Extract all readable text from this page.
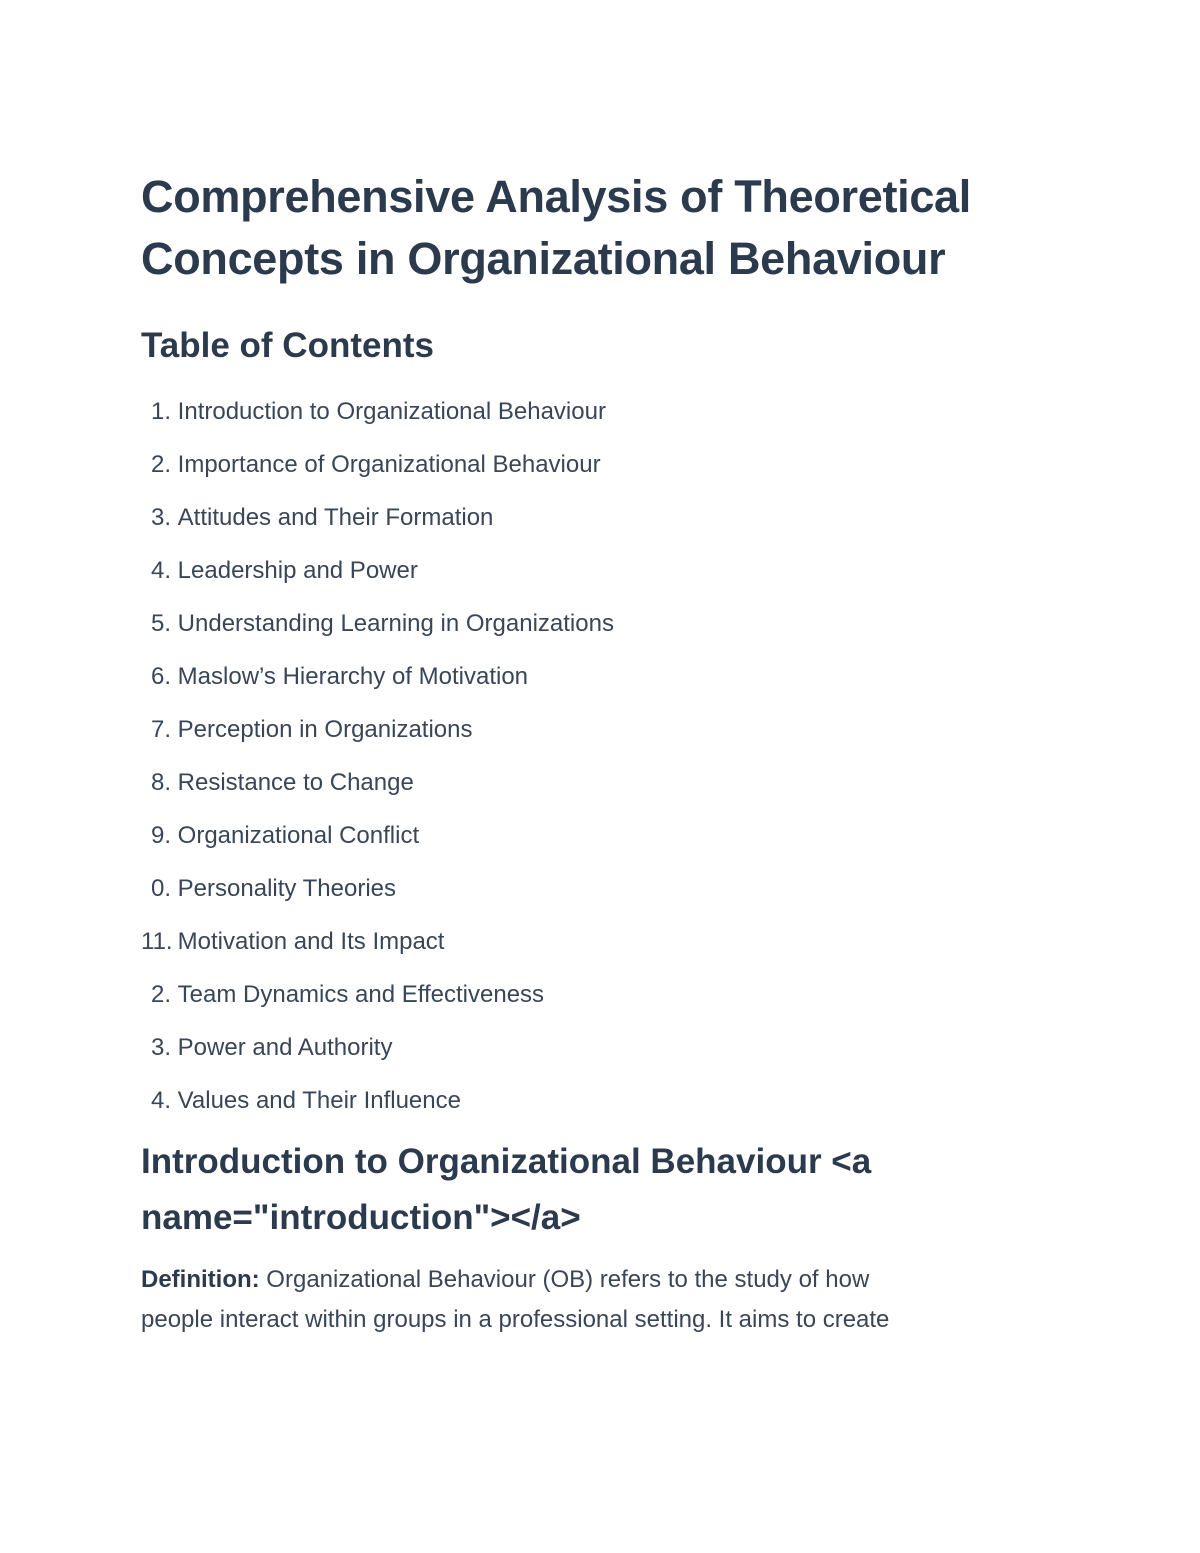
Comprehensive Analysis of Theoretical
Concepts in Organizational Behaviour
Table of Contents
1. Introduction to Organizational Behaviour
2. Importance of Organizational Behaviour
3. Attitudes and Their Formation
4. Leadership and Power
5. Understanding Learning in Organizations
6. Maslow’s Hierarchy of Motivation
7. Perception in Organizations
8. Resistance to Change
9. Organizational Conflict
0. Personality Theories
11. Motivation and Its Impact
2. Team Dynamics and Effectiveness
3. Power and Authority
4. Values and Their Influence
Introduction to Organizational Behaviour <a
name="introduction"></a>

Definition: Organizational Behaviour (OB) refers to the study of how
people interact within groups in a professional setting. It aims to create
